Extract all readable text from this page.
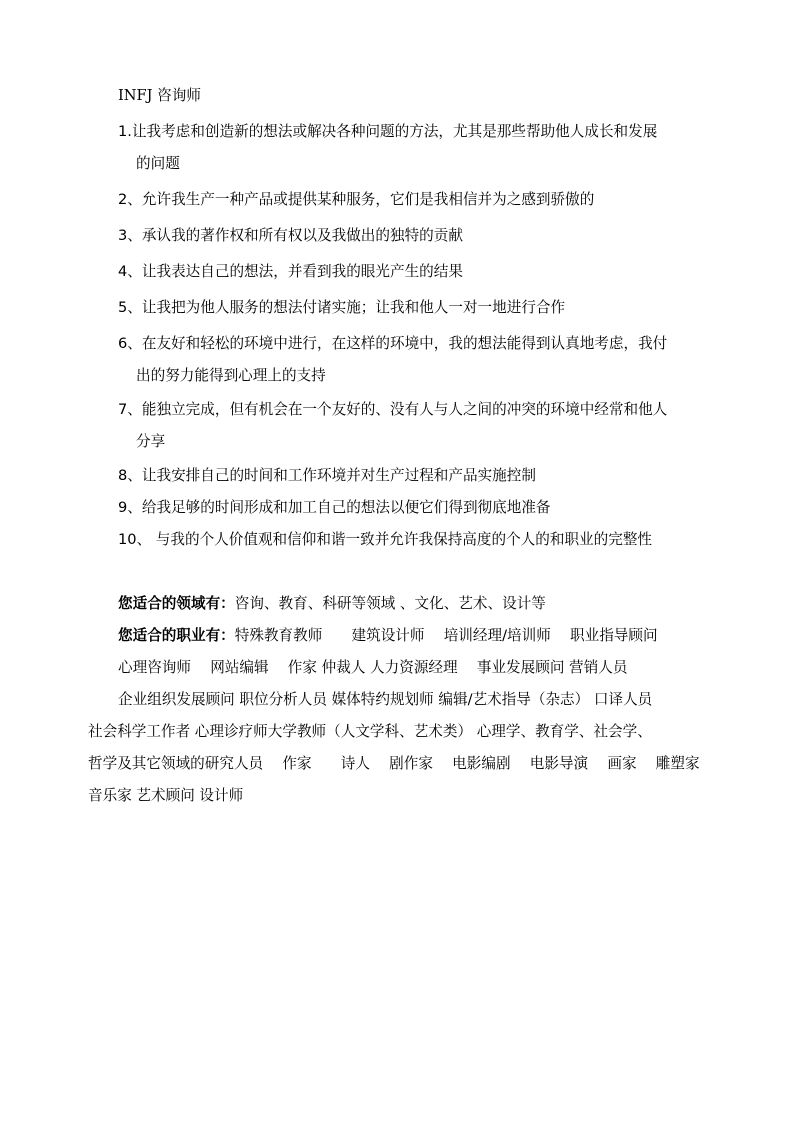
INFJ 咨询师
1.让我考虑和创造新的想法或解决各种问题的方法，尤其是那些帮助他人成长和发展
的问题
2、允许我生产一种产品或提供某种服务，它们是我相信并为之感到骄傲的
3、承认我的著作权和所有权以及我做出的独特的贡献
4、让我表达自己的想法，并看到我的眼光产生的结果
5、让我把为他人服务的想法付诸实施；让我和他人一对一地进行合作
6、在友好和轻松的环境中进行，在这样的环境中，我的想法能得到认真地考虑，我付
出的努力能得到心理上的支持
7、能独立完成，但有机会在一个友好的、没有人与人之间的冲突的环境中经常和他人
分享
8、让我安排自己的时间和工作环境并对生产过程和产品实施控制
9、给我足够的时间形成和加工自己的想法以便它们得到彻底地准备
10、 与我的个人价值观和信仰和谐一致并允许我保持高度的个人的和职业的完整性
您适合的领域有：咨询、教育、科研等领域 、文化、艺术、设计等
您适合的职业有：特殊教育教师　　建筑设计师　 培训经理/培训师　 职业指导顾问
心理咨询师　 网站编辑　 作家 仲裁人 人力资源经理　 事业发展顾问 营销人员
企业组织发展顾问 职位分析人员 媒体特约规划师 编辑/艺术指导（杂志） 口译人员
社会科学工作者 心理诊疗师大学教师（人文学科、艺术类） 心理学、教育学、社会学、
哲学及其它领域的研究人员　 作家　　诗人　 剧作家　 电影编剧　 电影导演　 画家　 雕塑家
音乐家 艺术顾问 设计师
